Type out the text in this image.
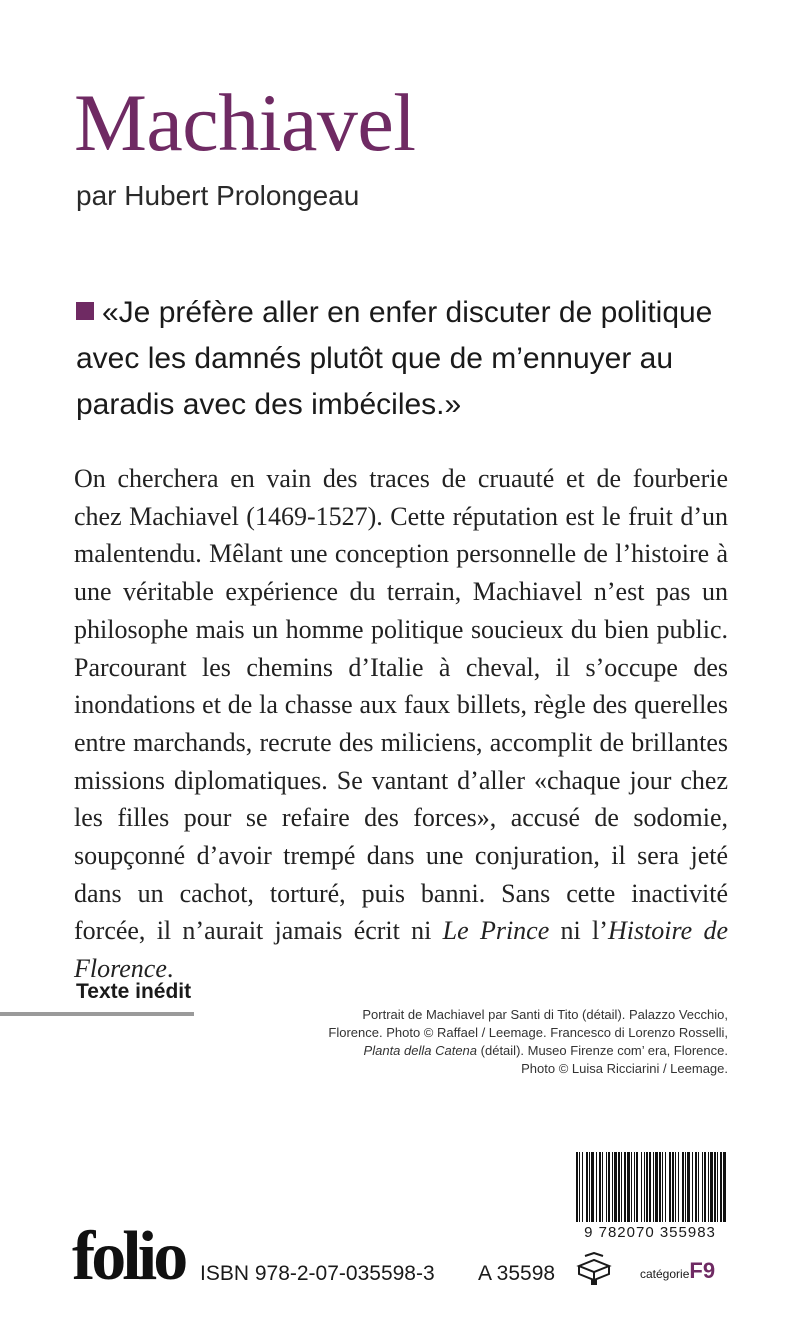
Machiavel
par Hubert Prolongeau
«Je préfère aller en enfer discuter de politique avec les damnés plutôt que de m’ennuyer au paradis avec des imbéciles.»
On cherchera en vain des traces de cruauté et de fourberie chez Machiavel (1469-1527). Cette réputation est le fruit d’un malentendu. Mêlant une conception personnelle de l’histoire à une véritable expérience du terrain, Machiavel n’est pas un philosophe mais un homme politique soucieux du bien public. Parcourant les chemins d’Italie à cheval, il s’occupe des inondations et de la chasse aux faux billets, règle des querelles entre marchands, recrute des miliciens, accomplit de brillantes missions diplomatiques. Se vantant d’aller «chaque jour chez les filles pour se refaire des forces», accusé de sodomie, soupçonné d’avoir trempé dans une conjuration, il sera jeté dans un cachot, torturé, puis banni. Sans cette inactivité forcée, il n’aurait jamais écrit ni Le Prince ni l’Histoire de Florence.
Texte inédit
Portrait de Machiavel par Santi di Tito (détail). Palazzo Vecchio, Florence. Photo © Raffael / Leemage. Francesco di Lorenzo Rosselli, Planta della Catena (détail). Museo Firenze com’ era, Florence. Photo © Luisa Ricciarini / Leemage.
9 782070 355983
folio ISBN 978-2-07-035598-3 A 35598	catégorieF9
